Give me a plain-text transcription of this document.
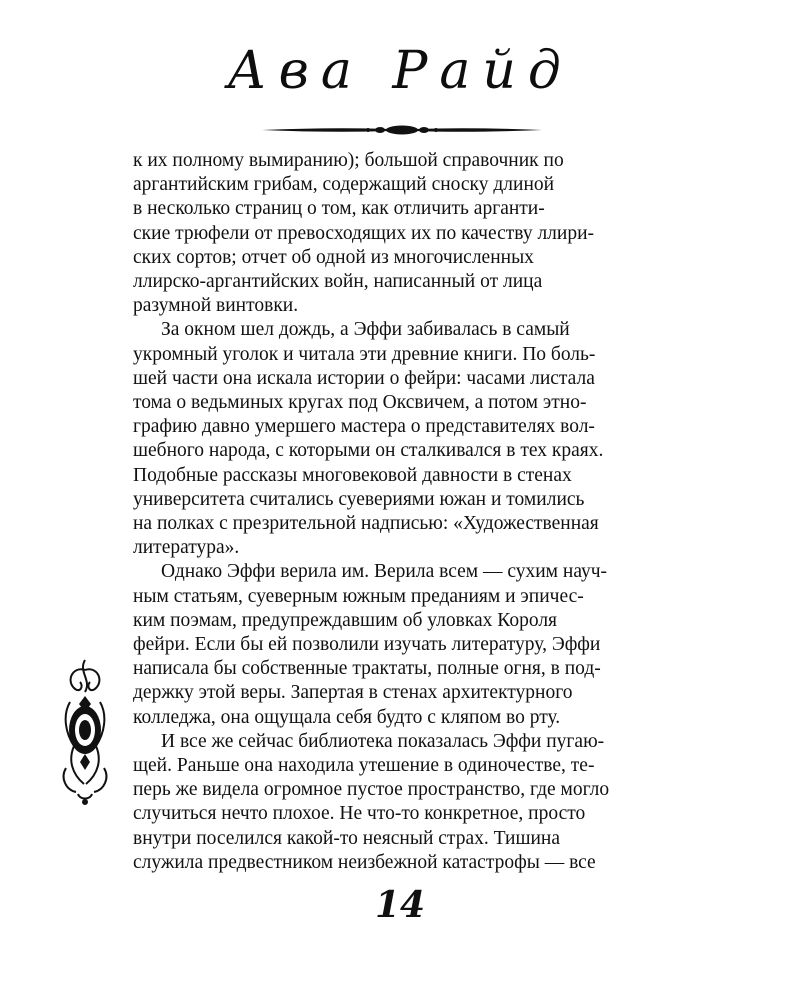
Ава Райд

к их полному вымиранию); большой справочник по
аргантийским грибам, содержащий сноску длиной
в несколько страниц о том, как отличить арганти-
ские трюфели от превосходящих их по качеству ллири-
ских сортов; отчет об одной из многочисленных
ллирско-аргантийских войн, написанный от лица
разумной винтовки.

За окном шел дождь, а Эффи забивалась в самый
укромный уголок и читала эти древние книги. По боль-
шей части она искала истории о фейри: часами листала
тома о ведьминых кругах под Оксвичем, а потом этно-
графию давно умершего мастера о представителях вол-
шебного народа, с которыми он сталкивался в тех краях.
Подобные рассказы многовековой давности в стенах
университета считались суевериями южан и томились
на полках с презрительной надписью: «Художественная
литература».

Однако Эффи верила им. Верила всем — сухим науч-
ным статьям, суеверным южным преданиям и эпичес-
ким поэмам, предупреждавшим об уловках Короля
фейри. Если бы ей позволили изучать литературу, Эффи
написала бы собственные трактаты, полные огня, в под-
держку этой веры. Запертая в стенах архитектурного
колледжа, она ощущала себя будто с кляпом во рту.

И все же сейчас библиотека показалась Эффи пугаю-
щей. Раньше она находила утешение в одиночестве, те-
перь же видела огромное пустое пространство, где могло
случиться нечто плохое. Не что-то конкретное, просто
внутри поселился какой-то неясный страх. Тишина
служила предвестником неизбежной катастрофы — все

14
